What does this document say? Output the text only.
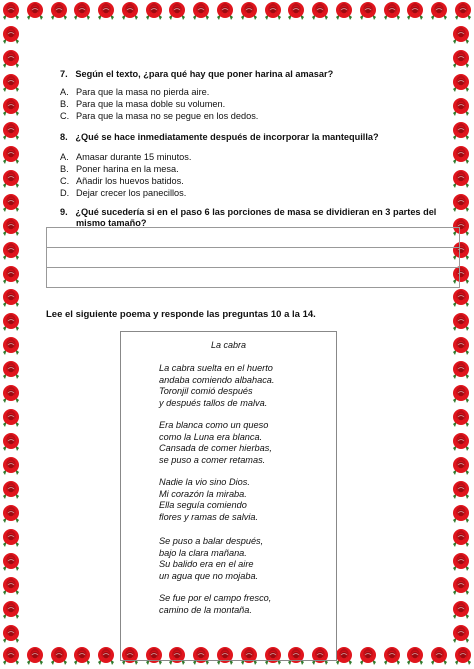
7. Según el texto, ¿para qué hay que poner harina al amasar?
A. Para que la masa no pierda aire.
B. Para que la masa doble su volumen.
C. Para que la masa no se pegue en los dedos.
8. ¿Qué se hace inmediatamente después de incorporar la mantequilla?
A. Amasar durante 15 minutos.
B. Poner harina en la mesa.
C. Añadir los huevos batidos.
D. Dejar crecer los panecillos.
9. ¿Qué sucedería si en el paso 6 las porciones de masa se dividieran en 3 partes del
mismo tamaño?
Lee el siguiente poema y responde las preguntas 10 a la 14.
La cabra
La cabra suelta en el huerto
andaba comiendo albahaca.
Toronjil comió después
y después tallos de malva.
Era blanca como un queso
como la Luna era blanca.
Cansada de comer hierbas,
se puso a comer retamas.
Nadie la vio sino Dios.
Mi corazón la miraba.
Ella seguía comiendo
flores y ramas de salvia.
Se puso a balar después,
bajo la clara mañana.
Su balido era en el aire
un agua que no mojaba.
Se fue por el campo fresco,
camino de la montaña.
